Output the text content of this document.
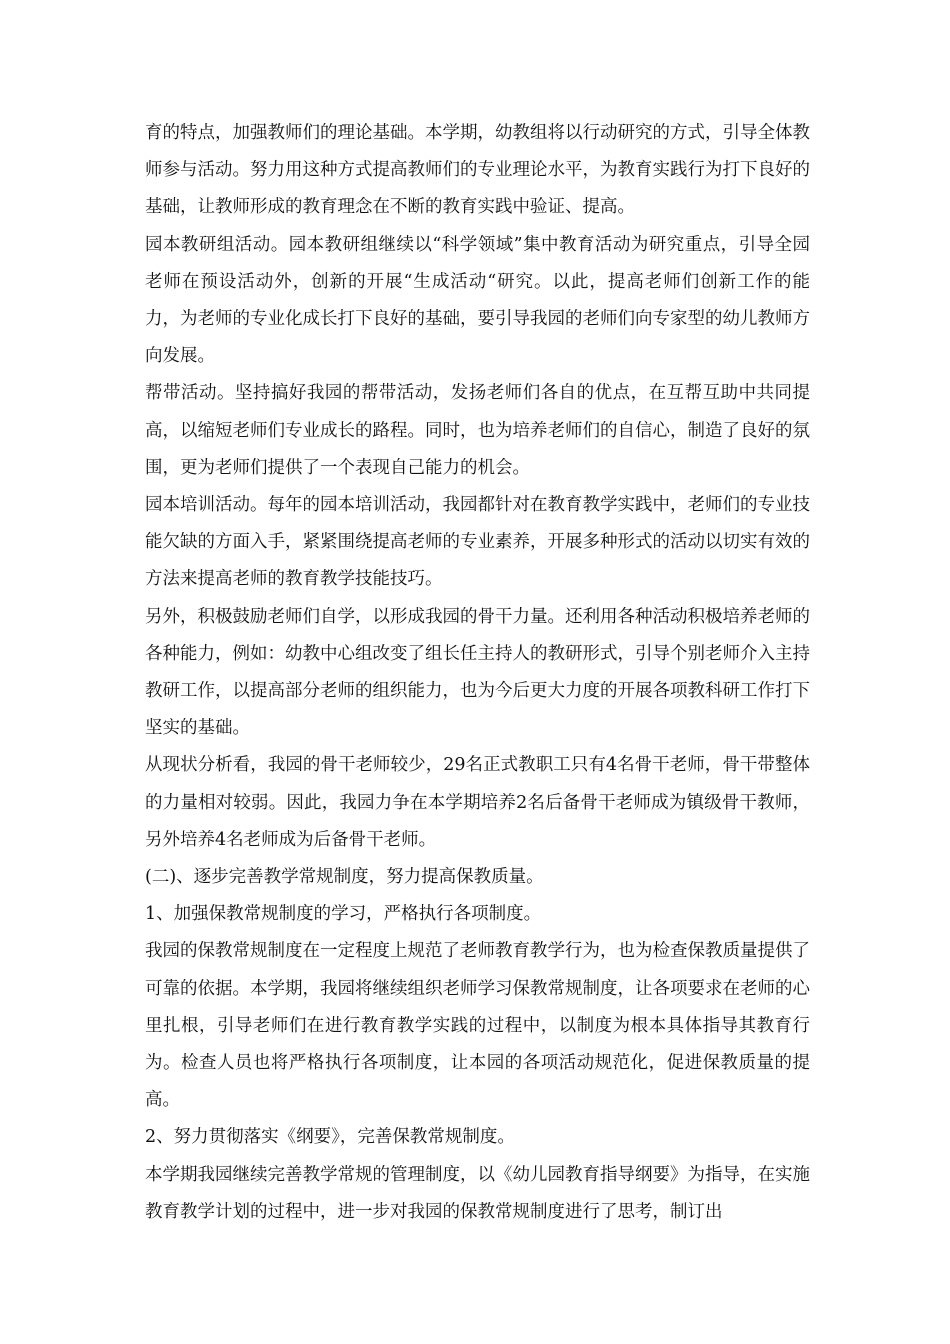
育的特点，加强教师们的理论基础。本学期，幼教组将以行动研究的方式，引导全体教师参与活动。努力用这种方式提高教师们的专业理论水平，为教育实践行为打下良好的基础，让教师形成的教育理念在不断的教育实践中验证、提高。

园本教研组活动。园本教研组继续以“科学领域”集中教育活动为研究重点，引导全园老师在预设活动外，创新的开展“生成活动“研究。以此，提高老师们创新工作的能力，为老师的专业化成长打下良好的基础，要引导我园的老师们向专家型的幼儿教师方向发展。

帮带活动。坚持搞好我园的帮带活动，发扬老师们各自的优点，在互帮互助中共同提高，以缩短老师们专业成长的路程。同时，也为培养老师们的自信心，制造了良好的氛围，更为老师们提供了一个表现自己能力的机会。

园本培训活动。每年的园本培训活动，我园都针对在教育教学实践中，老师们的专业技能欠缺的方面入手，紧紧围绕提高老师的专业素养，开展多种形式的活动以切实有效的方法来提高老师的教育教学技能技巧。

另外，积极鼓励老师们自学，以形成我园的骨干力量。还利用各种活动积极培养老师的各种能力，例如：幼教中心组改变了组长任主持人的教研形式，引导个别老师介入主持教研工作，以提高部分老师的组织能力，也为今后更大力度的开展各项教科研工作打下坚实的基础。

从现状分析看，我园的骨干老师较少，29名正式教职工只有4名骨干老师，骨干带整体的力量相对较弱。因此，我园力争在本学期培养2名后备骨干老师成为镇级骨干教师，另外培养4名老师成为后备骨干老师。

(二)、逐步完善教学常规制度，努力提高保教质量。

1、加强保教常规制度的学习，严格执行各项制度。

我园的保教常规制度在一定程度上规范了老师教育教学行为，也为检查保教质量提供了可靠的依据。本学期，我园将继续组织老师学习保教常规制度，让各项要求在老师的心里扎根，引导老师们在进行教育教学实践的过程中，以制度为根本具体指导其教育行为。检查人员也将严格执行各项制度，让本园的各项活动规范化，促进保教质量的提高。

2、努力贯彻落实《纲要》，完善保教常规制度。

本学期我园继续完善教学常规的管理制度，以《幼儿园教育指导纲要》为指导，在实施教育教学计划的过程中，进一步对我园的保教常规制度进行了思考，制订出
